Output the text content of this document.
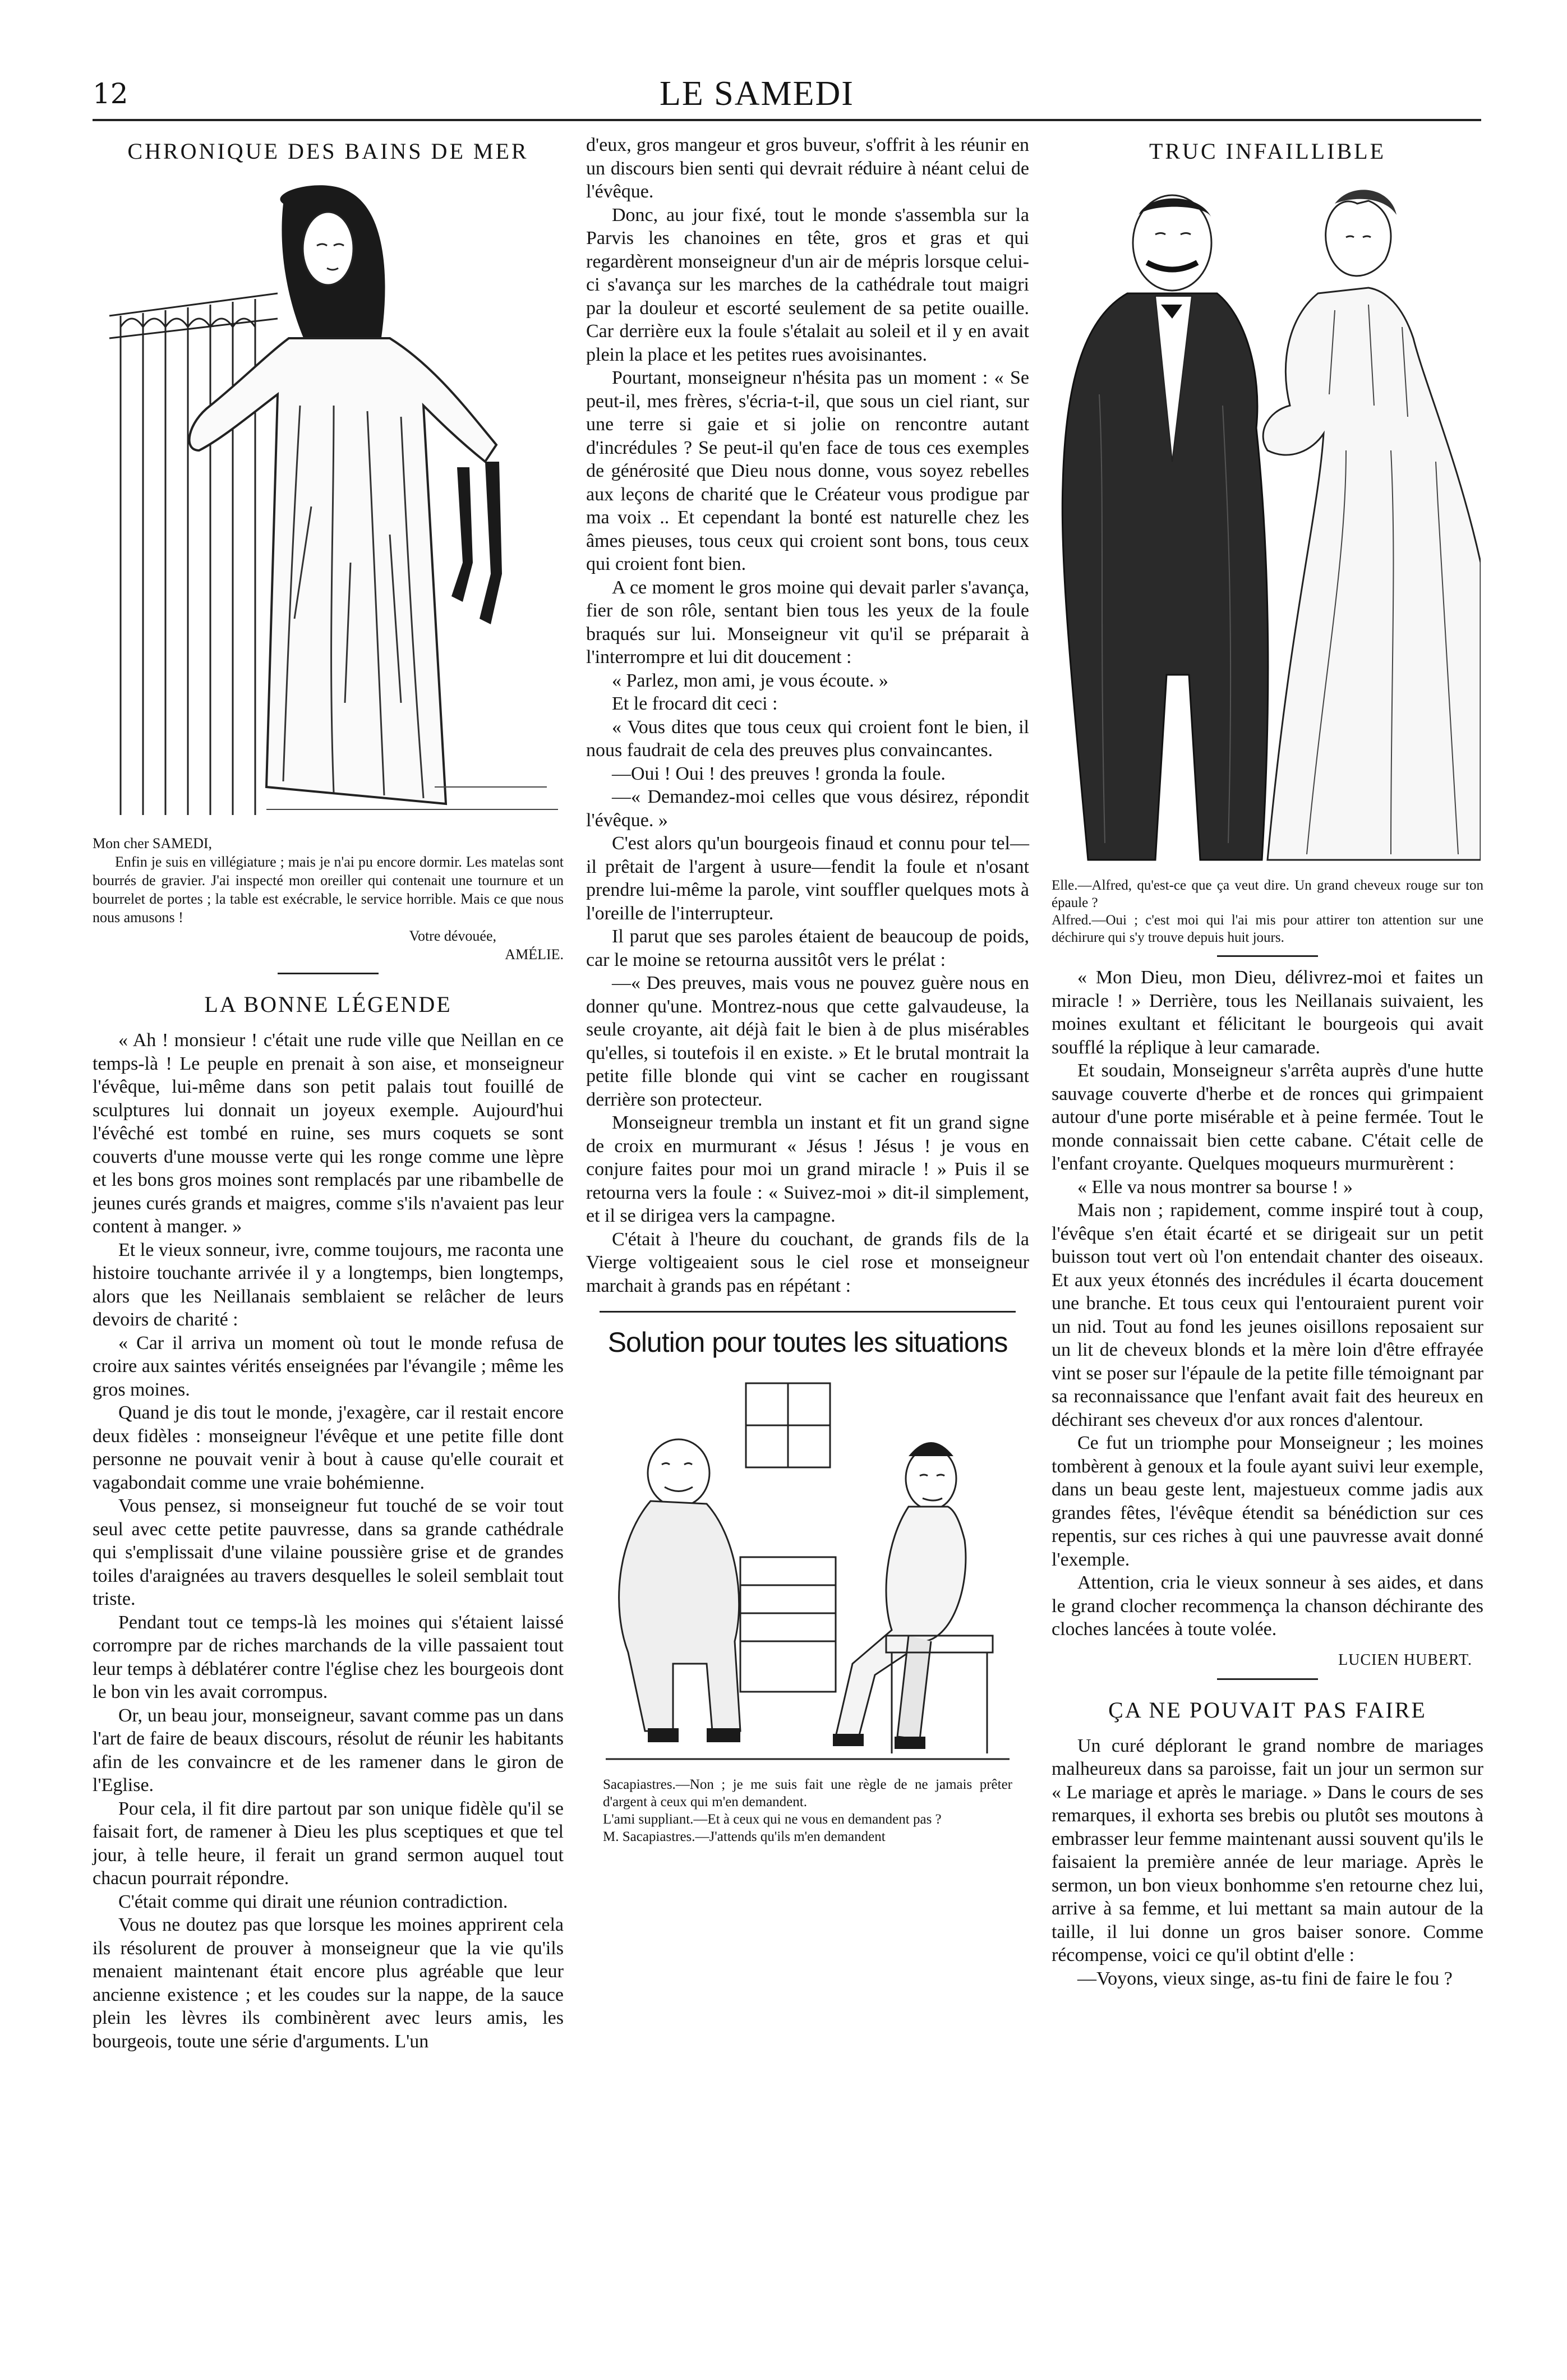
12	LE SAMEDI
CHRONIQUE DES BAINS DE MER

Mon cher SAMEDI,

Enfin je suis en villégiature ; mais je n'ai pu encore dormir. Les matelas sont bourrés de gravier. J'ai inspecté mon oreiller qui contenait une tournure et un bourrelet de portes ; la table est exécrable, le service horrible. Mais ce que nous nous amusons !

Votre dévouée,

AMÉLIE.

LA BONNE LÉGENDE

« Ah ! monsieur ! c'était une rude ville que Neillan en ce temps-là ! Le peuple en prenait à son aise, et monseigneur l'évêque, lui-même dans son petit palais tout fouillé de sculptures lui donnait un joyeux exemple. Aujourd'hui l'évêché est tombé en ruine, ses murs coquets se sont couverts d'une mousse verte qui les ronge comme une lèpre et les bons gros moines sont remplacés par une ribambelle de jeunes curés grands et maigres, comme s'ils n'avaient pas leur content à manger. »

Et le vieux sonneur, ivre, comme toujours, me raconta une histoire touchante arrivée il y a longtemps, bien longtemps, alors que les Neillanais semblaient se relâcher de leurs devoirs de charité :

« Car il arriva un moment où tout le monde refusa de croire aux saintes vérités enseignées par l'évangile ; même les gros moines.

Quand je dis tout le monde, j'exagère, car il restait encore deux fidèles : monseigneur l'évêque et une petite fille dont personne ne pouvait venir à bout à cause qu'elle courait et vagabondait comme une vraie bohémienne.

Vous pensez, si monseigneur fut touché de se voir tout seul avec cette petite pauvresse, dans sa grande cathédrale qui s'emplissait d'une vilaine poussière grise et de grandes toiles d'araignées au travers desquelles le soleil semblait tout triste.

Pendant tout ce temps-là les moines qui s'étaient laissé corrompre par de riches marchands de la ville passaient tout leur temps à déblatérer contre l'église chez les bourgeois dont le bon vin les avait corrompus.

Or, un beau jour, monseigneur, savant comme pas un dans l'art de faire de beaux discours, résolut de réunir les habitants afin de les convaincre et de les ramener dans le giron de l'Eglise.

Pour cela, il fit dire partout par son unique fidèle qu'il se faisait fort, de ramener à Dieu les plus sceptiques et que tel jour, à telle heure, il ferait un grand sermon auquel tout chacun pourrait répondre.

C'était comme qui dirait une réunion contradiction.

Vous ne doutez pas que lorsque les moines apprirent cela ils résolurent de prouver à monseigneur que la vie qu'ils menaient maintenant était encore plus agréable que leur ancienne existence ; et les coudes sur la nappe, de la sauce plein les lèvres ils combinèrent avec leurs amis, les bourgeois, toute une série d'arguments. L'un

d'eux, gros mangeur et gros buveur, s'offrit à les réunir en un discours bien senti qui devrait réduire à néant celui de l'évêque.

Donc, au jour fixé, tout le monde s'assembla sur la Parvis les chanoines en tête, gros et gras et qui regardèrent monseigneur d'un air de mépris lorsque celui-ci s'avança sur les marches de la cathédrale tout maigri par la douleur et escorté seulement de sa petite ouaille. Car derrière eux la foule s'étalait au soleil et il y en avait plein la place et les petites rues avoisinantes.

Pourtant, monseigneur n'hésita pas un moment : « Se peut-il, mes frères, s'écria-t-il, que sous un ciel riant, sur une terre si gaie et si jolie on rencontre autant d'incrédules ? Se peut-il qu'en face de tous ces exemples de générosité que Dieu nous donne, vous soyez rebelles aux leçons de charité que le Créateur vous prodigue par ma voix .. Et cependant la bonté est naturelle chez les âmes pieuses, tous ceux qui croient sont bons, tous ceux qui croient font bien.

A ce moment le gros moine qui devait parler s'avança, fier de son rôle, sentant bien tous les yeux de la foule braqués sur lui. Monseigneur vit qu'il se préparait à l'interrompre et lui dit doucement :

« Parlez, mon ami, je vous écoute. »

Et le frocard dit ceci :

« Vous dites que tous ceux qui croient font le bien, il nous faudrait de cela des preuves plus convaincantes.

—Oui ! Oui ! des preuves ! gronda la foule.

—« Demandez-moi celles que vous désirez, répondit l'évêque. »

C'est alors qu'un bourgeois finaud et connu pour tel—il prêtait de l'argent à usure—fendit la foule et n'osant prendre lui-même la parole, vint souffler quelques mots à l'oreille de l'interrupteur.

Il parut que ses paroles étaient de beaucoup de poids, car le moine se retourna aussitôt vers le prélat :

—« Des preuves, mais vous ne pouvez guère nous en donner qu'une. Montrez-nous que cette galvaudeuse, la seule croyante, ait déjà fait le bien à de plus misérables qu'elles, si toutefois il en existe. » Et le brutal montrait la petite fille blonde qui vint se cacher en rougissant derrière son protecteur.

Monseigneur trembla un instant et fit un grand signe de croix en murmurant « Jésus ! Jésus ! je vous en conjure faites pour moi un grand miracle ! » Puis il se retourna vers la foule : « Suivez-moi » dit-il simplement, et il se dirigea vers la campagne.

C'était à l'heure du couchant, de grands fils de la Vierge voltigeaient sous le ciel rose et monseigneur marchait à grands pas en répétant :

Solution pour toutes les situations

Sacapiastres.—Non ; je me suis fait une règle de ne jamais prêter d'argent à ceux qui m'en demandent.

L'ami suppliant.—Et à ceux qui ne vous en demandent pas ?

M. Sacapiastres.—J'attends qu'ils m'en demandent

TRUC INFAILLIBLE

Elle.—Alfred, qu'est-ce que ça veut dire. Un grand cheveux rouge sur ton épaule ?

Alfred.—Oui ; c'est moi qui l'ai mis pour attirer ton attention sur une déchirure qui s'y trouve depuis huit jours.

« Mon Dieu, mon Dieu, délivrez-moi et faites un miracle ! » Derrière, tous les Neillanais suivaient, les moines exultant et félicitant le bourgeois qui avait soufflé la réplique à leur camarade.

Et soudain, Monseigneur s'arrêta auprès d'une hutte sauvage couverte d'herbe et de ronces qui grimpaient autour d'une porte misérable et à peine fermée. Tout le monde connaissait bien cette cabane. C'était celle de l'enfant croyante. Quelques moqueurs murmurèrent :

« Elle va nous montrer sa bourse ! »

Mais non ; rapidement, comme inspiré tout à coup, l'évêque s'en était écarté et se dirigeait sur un petit buisson tout vert où l'on entendait chanter des oiseaux. Et aux yeux étonnés des incrédules il écarta doucement une branche. Et tous ceux qui l'entouraient purent voir un nid. Tout au fond les jeunes oisillons reposaient sur un lit de cheveux blonds et la mère loin d'être effrayée vint se poser sur l'épaule de la petite fille témoignant par sa reconnaissance que l'enfant avait fait des heureux en déchirant ses cheveux d'or aux ronces d'alentour.

Ce fut un triomphe pour Monseigneur ; les moines tombèrent à genoux et la foule ayant suivi leur exemple, dans un beau geste lent, majestueux comme jadis aux grandes fêtes, l'évêque étendit sa bénédiction sur ces repentis, sur ces riches à qui une pauvresse avait donné l'exemple.

Attention, cria le vieux sonneur à ses aides, et dans le grand clocher recommença la chanson déchirante des cloches lancées à toute volée.

LUCIEN HUBERT.

ÇA NE POUVAIT PAS FAIRE

Un curé déplorant le grand nombre de mariages malheureux dans sa paroisse, fait un jour un sermon sur « Le mariage et après le mariage. » Dans le cours de ses remarques, il exhorta ses brebis ou plutôt ses moutons à embrasser leur femme maintenant aussi souvent qu'ils le faisaient la première année de leur mariage. Après le sermon, un bon vieux bonhomme s'en retourne chez lui, arrive à sa femme, et lui mettant sa main autour de la taille, il lui donne un gros baiser sonore. Comme récompense, voici ce qu'il obtint d'elle :

—Voyons, vieux singe, as-tu fini de faire le fou ?
